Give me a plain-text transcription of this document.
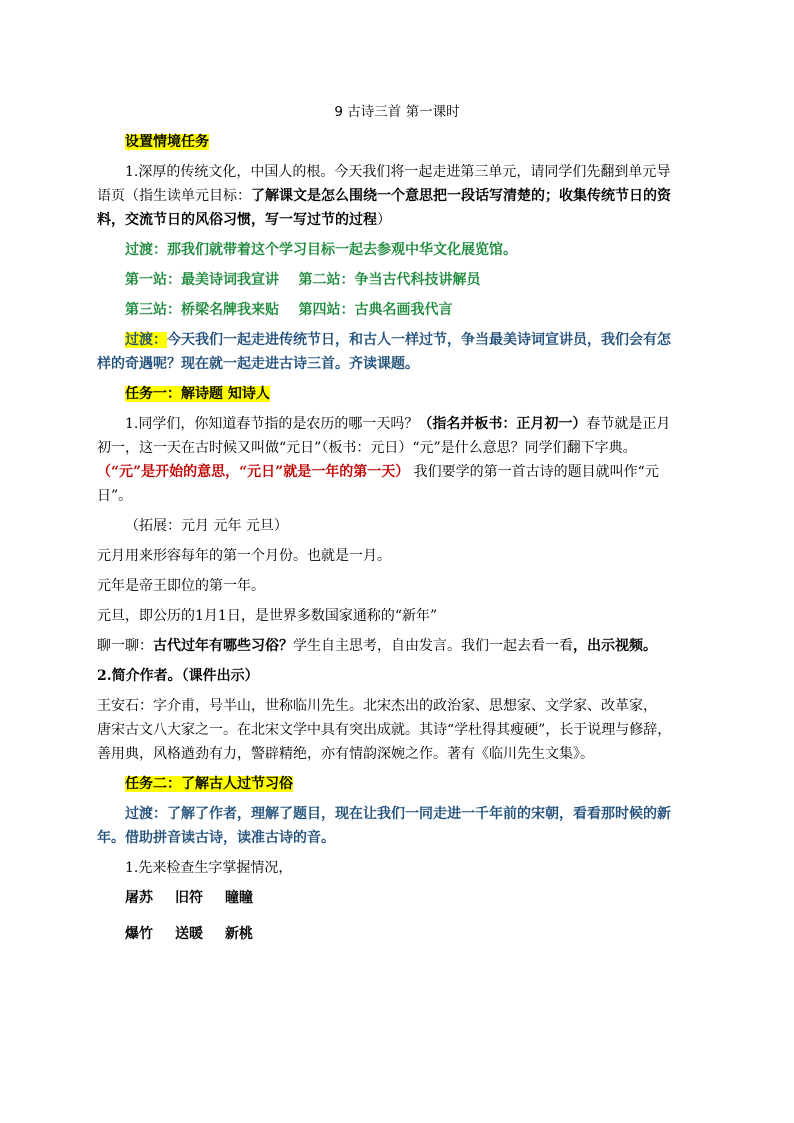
9 古诗三首 第一课时

设置情境任务

1.深厚的传统文化，中国人的根。今天我们将一起走进第三单元，请同学们先翻到单元导
语页（指生读单元目标：了解课文是怎么围绕一个意思把一段话写清楚的；收集传统节日的资
料，交流节日的风俗习惯，写一写过节的过程）

过渡：那我们就带着这个学习目标一起去参观中华文化展览馆。

第一站：最美诗词我宣讲 第二站：争当古代科技讲解员

第三站：桥梁名牌我来贴 第四站：古典名画我代言

过渡：今天我们一起走进传统节日，和古人一样过节，争当最美诗词宣讲员，我们会有怎
样的奇遇呢？现在就一起走进古诗三首。齐读课题。

任务一：解诗题 知诗人

1.同学们，你知道春节指的是农历的哪一天吗？（指名并板书：正月初一）春节就是正月
初一，这一天在古时候又叫做“元日”（板书：元日）“元”是什么意思？同学们翻下字典。
（“元”是开始的意思，“元日”就是一年的第一天） 我们要学的第一首古诗的题目就叫作“元
日”。

（拓展：元月 元年 元旦）

元月用来形容每年的第一个月份。也就是一月。

元年是帝王即位的第一年。

元旦，即公历的1月1日，是世界多数国家通称的“新年”

聊一聊：古代过年有哪些习俗？学生自主思考，自由发言。我们一起去看一看，出示视频。

2.简介作者。（课件出示）

王安石：字介甫，号半山，世称临川先生。北宋杰出的政治家、思想家、文学家、改革家，
唐宋古文八大家之一。在北宋文学中具有突出成就。其诗“学杜得其瘦硬”，长于说理与修辞，
善用典，风格遒劲有力，警辟精绝，亦有情韵深婉之作。著有《临川先生文集》。

任务二：了解古人过节习俗

过渡：了解了作者，理解了题目，现在让我们一同走进一千年前的宋朝，看看那时候的新
年。借助拼音读古诗，读准古诗的音。

1.先来检查生字掌握情况，

屠苏 旧符 瞳瞳

爆竹 送暖 新桃
